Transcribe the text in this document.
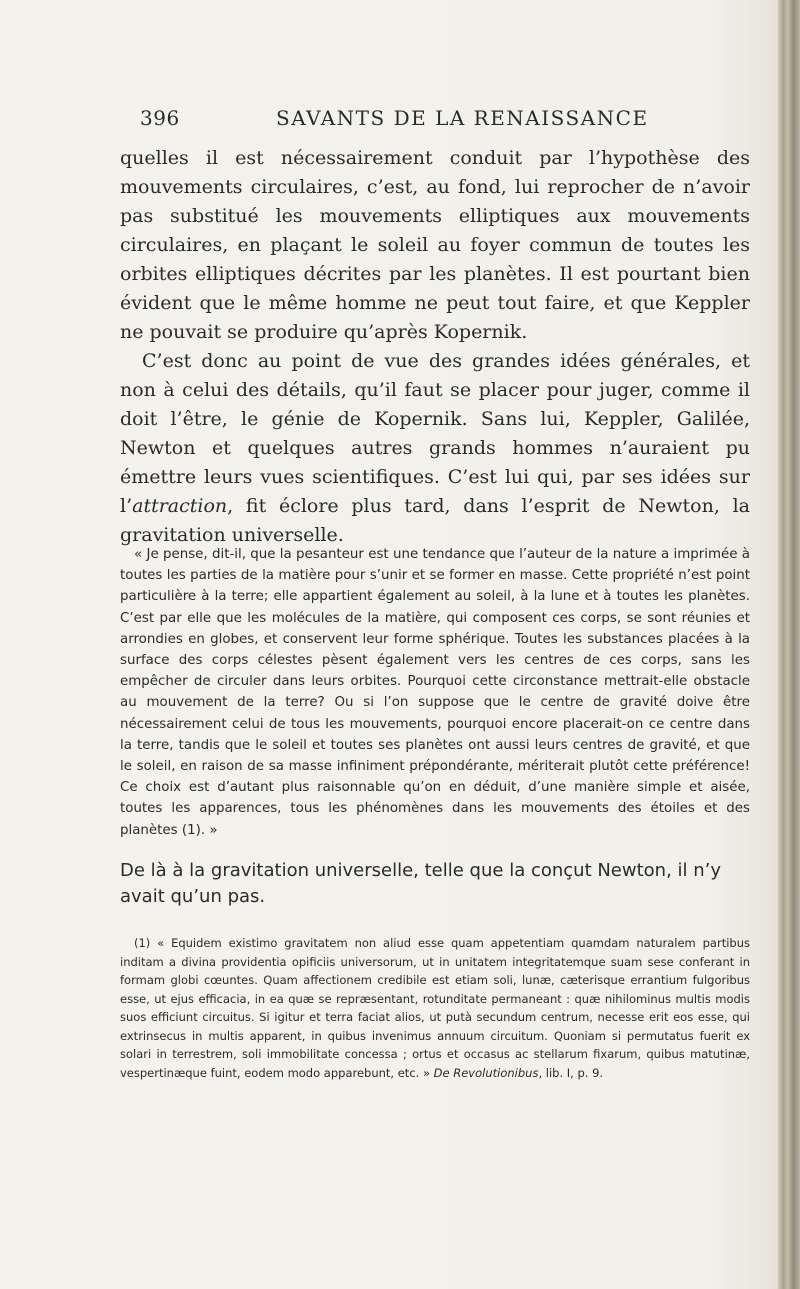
396	SAVANTS DE LA RENAISSANCE

quelles il est nécessairement conduit par l’hypothèse des mouvements circulaires, c’est, au fond, lui reprocher de n’avoir pas substitué les mouvements elliptiques aux mouvements circulaires, en plaçant le soleil au foyer commun de toutes les orbites elliptiques décrites par les planètes. Il est pourtant bien évident que le même homme ne peut tout faire, et que Keppler ne pouvait se produire qu’après Kopernik.

C’est donc au point de vue des grandes idées générales, et non à celui des détails, qu’il faut se placer pour juger, comme il doit l’être, le génie de Kopernik. Sans lui, Keppler, Galilée, Newton et quelques autres grands hommes n’auraient pu émettre leurs vues scientifiques. C’est lui qui, par ses idées sur l’attraction, fit éclore plus tard, dans l’esprit de Newton, la gravitation universelle.

« Je pense, dit-il, que la pesanteur est une tendance que l’auteur de la nature a imprimée à toutes les parties de la matière pour s’unir et se former en masse. Cette propriété n’est point particulière à la terre; elle appartient également au soleil, à la lune et à toutes les planètes. C’est par elle que les molécules de la matière, qui composent ces corps, se sont réunies et arrondies en globes, et conservent leur forme sphérique. Toutes les substances placées à la surface des corps célestes pèsent également vers les centres de ces corps, sans les empêcher de circuler dans leurs orbites. Pourquoi cette circonstance mettrait-elle obstacle au mouvement de la terre? Ou si l’on suppose que le centre de gravité doive être nécessairement celui de tous les mouvements, pourquoi encore placerait-on ce centre dans la terre, tandis que le soleil et toutes ses planètes ont aussi leurs centres de gravité, et que le soleil, en raison de sa masse infiniment prépondérante, mériterait plutôt cette préférence! Ce choix est d’autant plus raisonnable qu’on en déduit, d’une manière simple et aisée, toutes les apparences, tous les phénomènes dans les mouvements des étoiles et des planètes (1). »
De là à la gravitation universelle, telle que la conçut Newton, il n’y avait qu’un pas.
(1) « Equidem existimo gravitatem non aliud esse quam appetentiam quamdam naturalem partibus inditam a divina providentia opificiis universorum, ut in unitatem integritatemque suam sese conferant in formam globi cœuntes. Quam affectionem credibile est etiam soli, lunæ, cæterisque errantium fulgoribus esse, ut ejus efficacia, in ea quæ se repræsentant, rotunditate permaneant : quæ nihilominus multis modis suos efficiunt circuitus. Si igitur et terra faciat alios, ut putà secundum centrum, necesse erit eos esse, qui extrinsecus in multis apparent, in quibus invenimus annuum circuitum. Quoniam si permutatus fuerit ex solari in terrestrem, soli immobilitate concessa ; ortus et occasus ac stellarum fixarum, quibus matutinæ, vespertinæque fuint, eodem modo apparebunt, etc. » De Revolutionibus, lib. I, p. 9.
